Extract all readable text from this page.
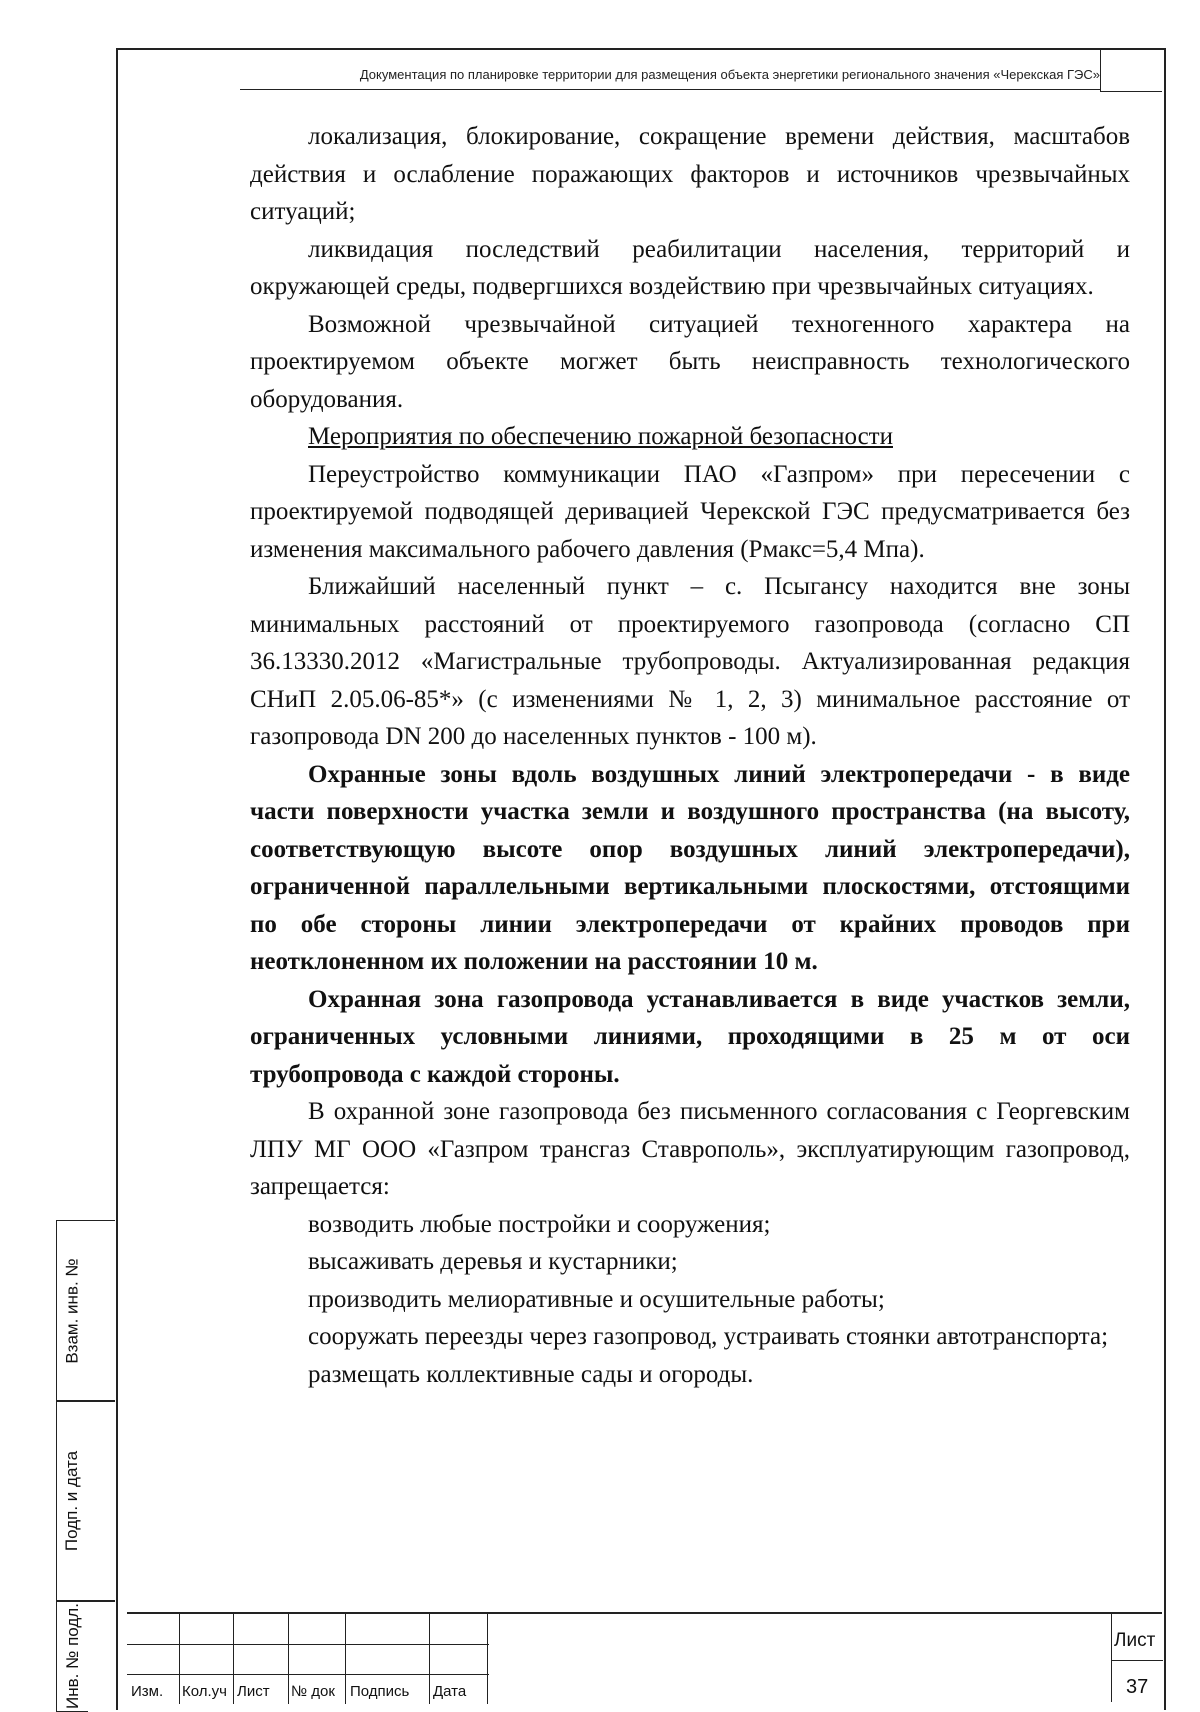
Документация по планировке территории для размещения объекта энергетики регионального значения «Черекская ГЭС»

локализация, блокирование, сокращение времени действия, масштабов действия и ослабление поражающих факторов и источников чрезвычайных ситуаций;

ликвидация последствий реабилитации населения, территорий и окружающей среды, подвергшихся воздействию при чрезвычайных ситуациях.

Возможной чрезвычайной ситуацией техногенного характера на проектируемом объекте могжет быть неисправность технологического оборудования.

Мероприятия по обеспечению пожарной безопасности

Переустройство коммуникации ПАО «Газпром» при пересечении с проектируемой подводящей деривацией Черекской ГЭС предусматривается без изменения максимального рабочего давления (Рмакс=5,4 Мпа).

Ближайший населенный пункт – с. Псыгансу находится вне зоны минимальных расстояний от проектируемого газопровода (согласно СП 36.13330.2012 «Магистральные трубопроводы. Актуализированная редакция СНиП 2.05.06-85*» (с изменениями № 1, 2, 3) минимальное расстояние от газопровода DN 200 до населенных пунктов - 100 м).

Охранные зоны вдоль воздушных линий электропередачи - в виде части поверхности участка земли и воздушного пространства (на высоту, соответствующую высоте опор воздушных линий электропередачи), ограниченной параллельными вертикальными плоскостями, отстоящими по обе стороны линии электропередачи от крайних проводов при неотклоненном их положении на расстоянии 10 м.

Охранная зона газопровода устанавливается в виде участков земли, ограниченных условными линиями, проходящими в 25 м от оси трубопровода с каждой стороны.

В охранной зоне газопровода без письменного согласования с Георгевским ЛПУ МГ ООО «Газпром трансгаз Ставрополь», эксплуатирующим газопровод, запрещается:

возводить любые постройки и сооружения;

высаживать деревья и кустарники;

производить мелиоративные и осушительные работы;

сооружать переезды через газопровод, устраивать стоянки автотранспорта;

размещать коллективные сады и огороды.

Взам. инв. №
Подп. и дата
Инв. № подл.	Изм. Кол.уч Лист № док Подпись Дата
Лист
37
